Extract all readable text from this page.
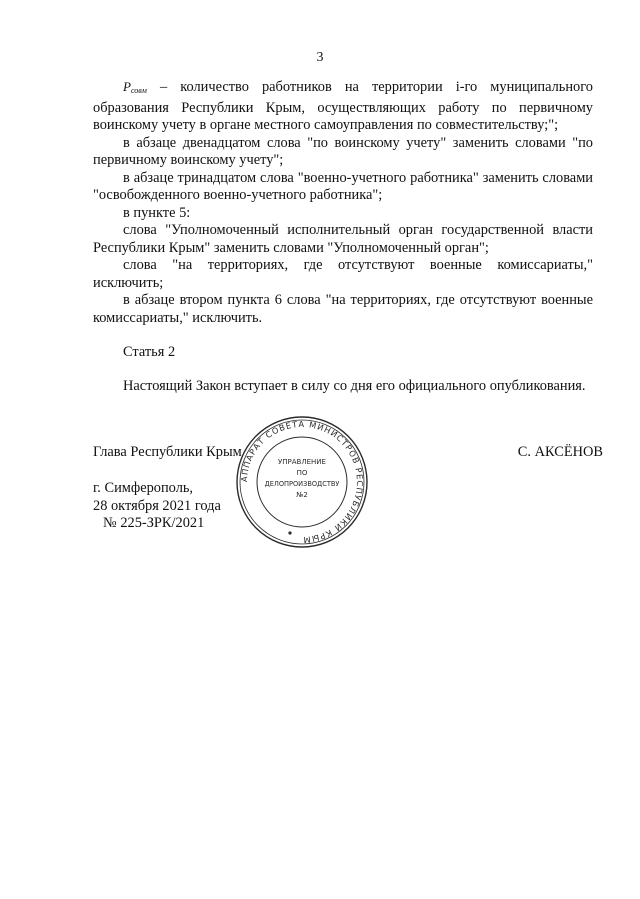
3

Pсовм – количество работников на территории i-го муниципального образования Республики Крым, осуществляющих работу по первичному воинскому учету в органе местного самоуправления по совместительству;";

в абзаце двенадцатом слова "по воинскому учету" заменить словами "по первичному воинскому учету";

в абзаце тринадцатом слова "военно-учетного работника" заменить словами "освобожденного военно-учетного работника";

в пункте 5:

слова "Уполномоченный исполнительный орган государственной власти Республики Крым" заменить словами "Уполномоченный орган";

слова "на территориях, где отсутствуют военные комиссариаты," исключить;

в абзаце втором пункта 6 слова "на территориях, где отсутствуют военные комиссариаты," исключить.

Статья 2

Настоящий Закон вступает в силу со дня его официального опубликования.

Глава Республики Крым	С. АКСЁНОВ
г. Симферополь,
28 октября 2021 года
№ 225-ЗРК/2021
АППАРАТ СОВЕТА МИНИСТРОВ РЕСПУБЛИКИ КРЫМ
УПРАВЛЕНИЕ
ПО
ДЕЛОПРОИЗВОДСТВУ
№2
